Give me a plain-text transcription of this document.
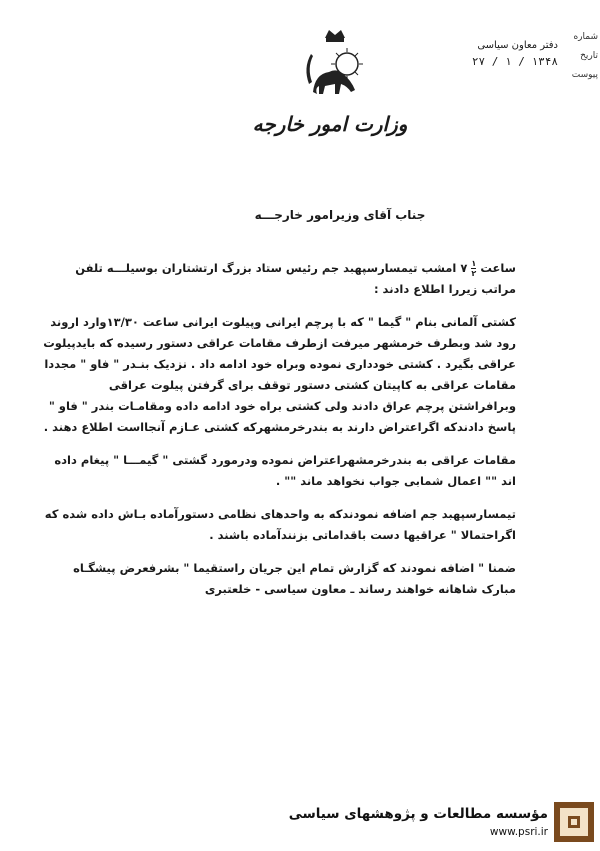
وزارت امور خارجه
دفتر معاون سیاسی
۱۳۴۸ / ۱ / ۲۷
شماره
تاریخ
پیوست
جناب آقای وزیرامور خارجـــه

ساعت
$\frac{۱}{۲}$
۷ امشب تیمسارسپهبد جم رئیس ستاد بزرگ ارتشتاران بوسیلـــه تلفن مراتب زیررا اطلاع دادند :

کشتی آلمانی بنام " گیما " که با پرچم ایرانی وپیلوت ایرانی ساعت ۱۳/۳۰وارد اروند رود شد وبطرف خرمشهر میرفت ازطرف مقامات عراقی دستور رسیده که بایدپیلوت عراقی بگیرد . کشتی خودداری نموده وبراه خود ادامه داد . نزدیک بنـدر " فاو " مجددا مقامات عراقی به کاپیتان کشتی دستور توقف برای گرفتن پیلوت عراقی وبرافراشتن پرچم عراق دادند ولی کشتی براه خود ادامه داده ومقامـات بندر " فاو " پاسخ دادندکه اگراعتراض دارند به بندرخرمشهرکه کشتی عـازم آنجااست اطلاع دهند .

مقامات عراقی به بندرخرمشهراعتراض نموده ودرمورد گشتی " گیمـــا " پیغام داده اند "" اعمال شمابی جواب نخواهد ماند "" .

تیمسارسپهبد جم اضافه نمودندکه به واحدهای نظامی دستورآماده بـاش داده شده که اگراحتمالا " عراقیها دست باقداماتی بزنندآماده باشند .

ضمنا " اضافه نمودند که گزارش تمام این جریان راستقیما " بشرفعرض پیشگـاه مبارک شاهانه خواهند رساند ـ معاون سیاسی - خلعتبری

مؤسسه مطالعات و پژوهشهای سیاسی
www.psri.ir
